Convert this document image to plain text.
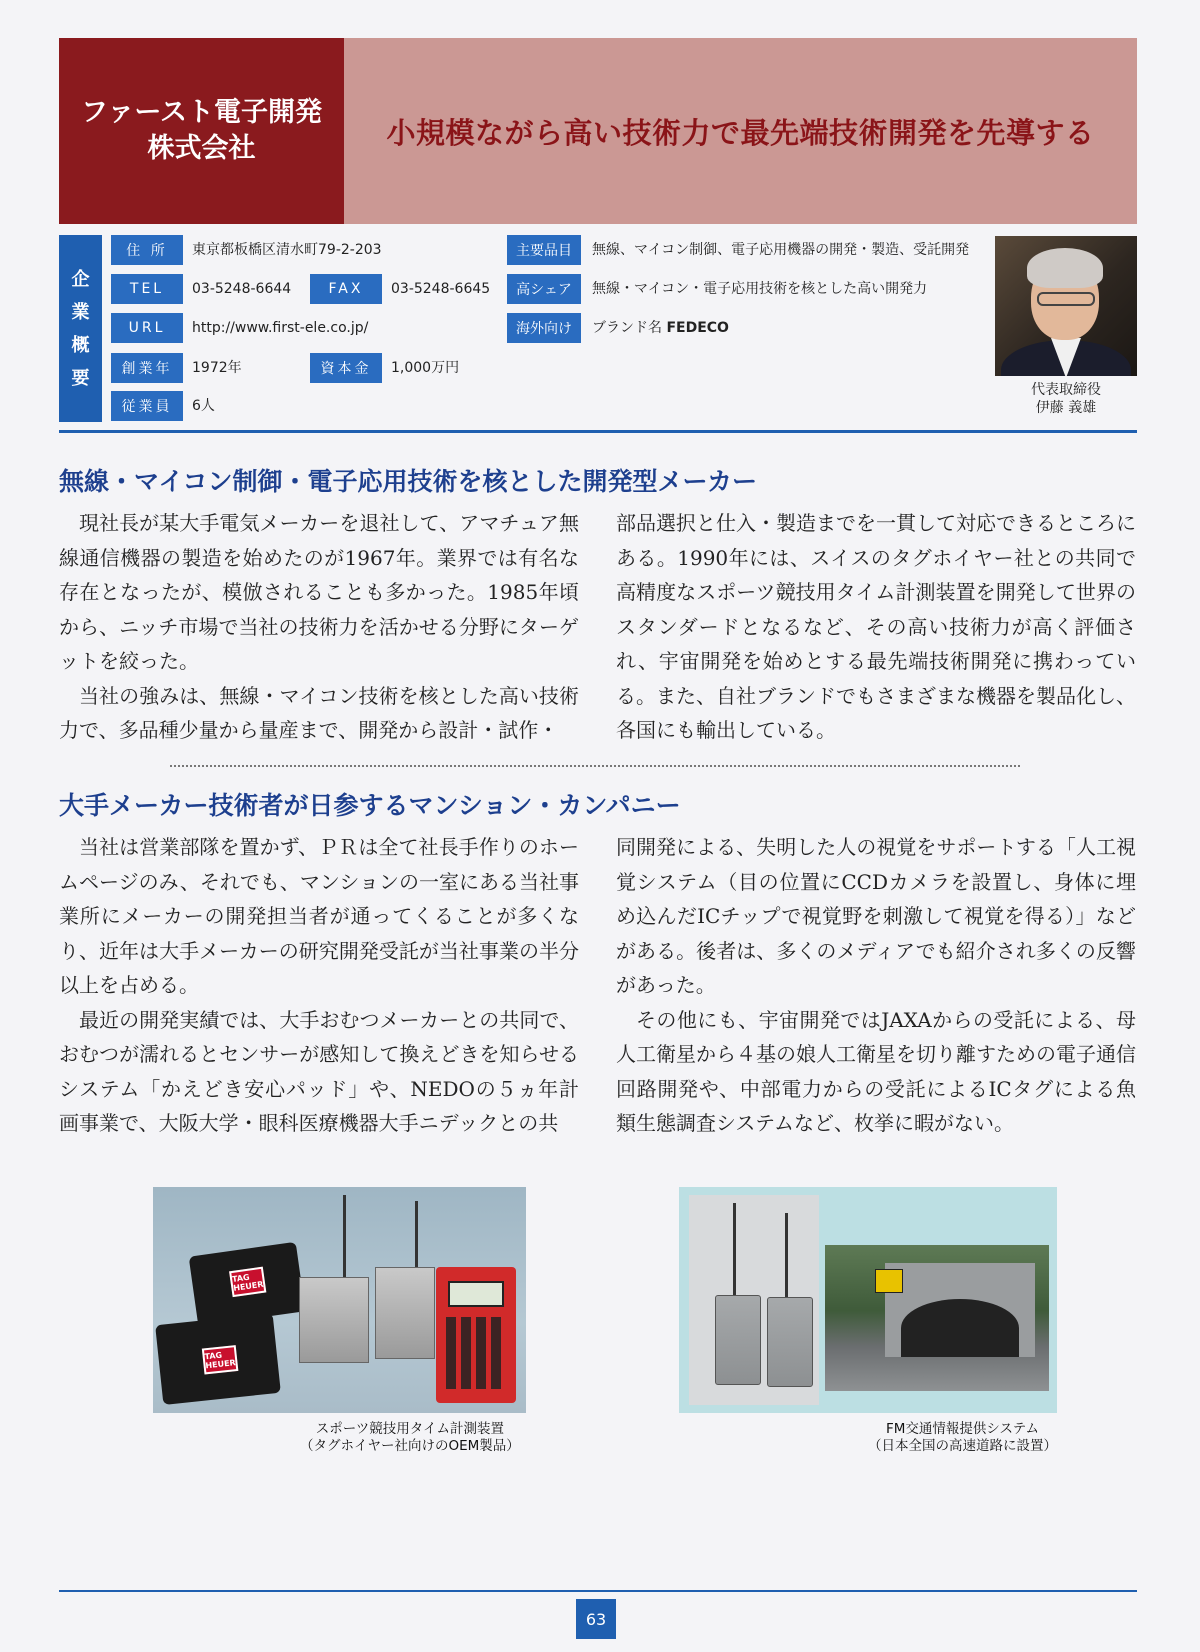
ファースト電子開発
株式会社	小規模ながら高い技術力で最先端技術開発を先導する
企
業
概
要
住 所	東京都板橋区清水町79-2-203
TEL	03-5248-6644	FAX	03-5248-6645
URL	http://www.first-ele.co.jp/
創業年	1972年	資本金	1,000万円
従業員	6人
主要品目	無線、マイコン制御、電子応用機器の開発・製造、受託開発
高シェア	無線・マイコン・電子応用技術を核とした高い開発力
海外向け	ブランド名 FEDECO
代表取締役
伊藤 義雄
無線・マイコン制御・電子応用技術を核とした開発型メーカー

現社長が某大手電気メーカーを退社して、アマチュア無線通信機器の製造を始めたのが1967年。業界では有名な存在となったが、模倣されることも多かった。1985年頃から、ニッチ市場で当社の技術力を活かせる分野にターゲットを絞った。

当社の強みは、無線・マイコン技術を核とした高い技術力で、多品種少量から量産まで、開発から設計・試作・

部品選択と仕入・製造までを一貫して対応できるところにある。1990年には、スイスのタグホイヤー社との共同で高精度なスポーツ競技用タイム計測装置を開発して世界のスタンダードとなるなど、その高い技術力が高く評価され、宇宙開発を始めとする最先端技術開発に携わっている。また、自社ブランドでもさまざまな機器を製品化し、各国にも輸出している。

大手メーカー技術者が日参するマンション・カンパニー

当社は営業部隊を置かず、ＰＲは全て社長手作りのホームページのみ、それでも、マンションの一室にある当社事業所にメーカーの開発担当者が通ってくることが多くなり、近年は大手メーカーの研究開発受託が当社事業の半分以上を占める。

最近の開発実績では、大手おむつメーカーとの共同で、おむつが濡れるとセンサーが感知して換えどきを知らせるシステム「かえどき安心パッド」や、NEDOの５ヵ年計画事業で、大阪大学・眼科医療機器大手ニデックとの共

同開発による、失明した人の視覚をサポートする「人工視覚システム（目の位置にCCDカメラを設置し、身体に埋め込んだICチップで視覚野を刺激して視覚を得る）」などがある。後者は、多くのメディアでも紹介され多くの反響があった。

その他にも、宇宙開発ではJAXAからの受託による、母人工衛星から４基の娘人工衛星を切り離すための電子通信回路開発や、中部電力からの受託によるICタグによる魚類生態調査システムなど、枚挙に暇がない。

TAG HEUER
TAG HEUER
スポーツ競技用タイム計測装置
（タグホイヤー社向けのOEM製品）
FM交通情報提供システム
（日本全国の高速道路に設置）
63
